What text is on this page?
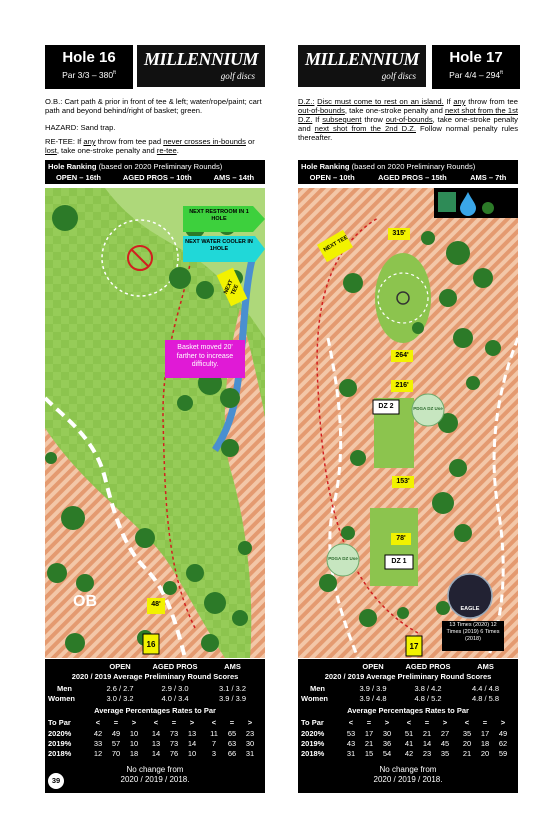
Hole 16
Par $3/3 - 380^{ft}$
MILLENNIUM
golf discs
O.B.: Cart path & prior in front of tee & left; water/rope/paint; cart path and beyond behind/right of basket; green.
HAZARD: Sand trap.
RE-TEE: If any throw from tee pad never crosses in-bounds or lost, take one-stroke penalty and re-tee.
Hole Ranking (based on 2020 Preliminary Rounds)
OPEN – 16th	AGED PROS – 10th	AMS – 14th
NEXT RESTROOM IN 1 HOLE
NEXT WATER COOLER IN 1HOLE
NEXT TEE
Basket moved 20' farther to increase difficulty.
OB	48'
16
OPEN	AGED PROS	AMS
2020 / 2019 Average Preliminary Round Scores
Men	2.6 / 2.7	2.9 / 3.0	3.1 / 3.2
Women	3.0 / 3.2	4.0 / 3.4	3.9 / 3.9
Average Percentages Rates to Par
To Par	<	=	>	<	=	>	<	=	>
2020%	42	49	10	14	73	13	11	65	23
2019%	33	57	10	13	73	14	7	63	30
2018%	12	70	18	14	76	10	3	66	31
No change from
2020 / 2019 / 2018.
39
MILLENNIUM
golf discs
Hole 17
Par $4/4 - 294^{ft}$
D.Z.: Disc must come to rest on an island. If any throw from tee out-of-bounds, take one-stroke penalty and next shot from the 1st D.Z. If subsequent throw out-of-bounds, take one-stroke penalty and next shot from the 2nd D.Z. Follow normal penalty rules thereafter.
Hole Ranking (based on 2020 Preliminary Rounds)
OPEN – 10th	AGED PROS – 15th	AMS – 7th
NEXT TEE
315'
264'
216'
DZ 2
153'
78'
DZ 1
PDGA DZ Use
PDGA DZ Use
EAGLE
13 Times (2020) 12 Times (2019) 6 Times (2018)
17
OPEN	AGED PROS	AMS
2020 / 2019 Average Preliminary Round Scores
Men	3.9 / 3.9	3.8 / 4.2	4.4 / 4.8
Women	3.9 / 4.8	4.8 / 5.2	4.8 / 5.8
Average Percentages Rates to Par
To Par	<	=	>	<	=	>	<	=	>
2020%	53	17	30	51	21	27	35	17	49
2019%	43	21	36	41	14	45	20	18	62
2018%	31	15	54	42	23	35	21	20	59
No change from
2020 / 2019 / 2018.
